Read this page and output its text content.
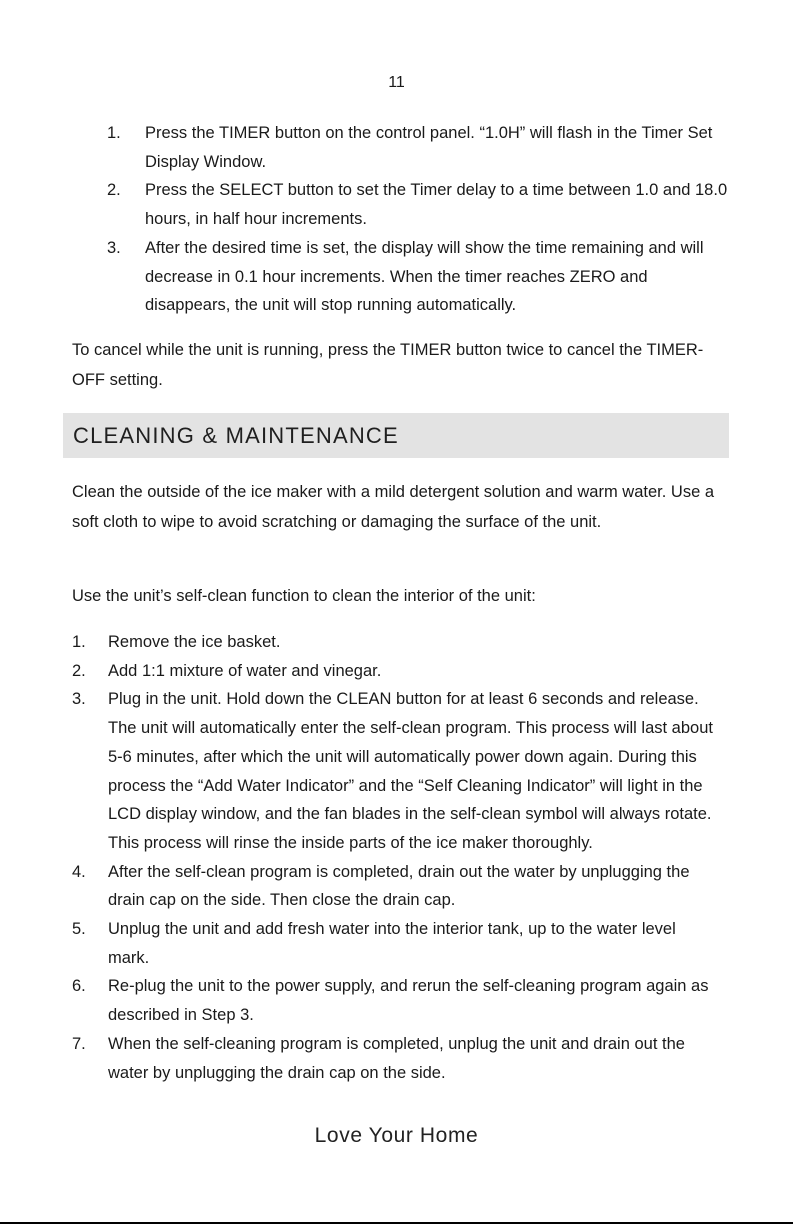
11
1. Press the TIMER button on the control panel. “1.0H” will flash in the Timer Set Display Window.
2. Press the SELECT button to set the Timer delay to a time between 1.0 and 18.0 hours, in half hour increments.
3. After the desired time is set, the display will show the time remaining and will decrease in 0.1 hour increments. When the timer reaches ZERO and disappears, the unit will stop running automatically.

To cancel while the unit is running, press the TIMER button twice to cancel the TIMER-OFF setting.

CLEANING & MAINTENANCE

Clean the outside of the ice maker with a mild detergent solution and warm water. Use a soft cloth to wipe to avoid scratching or damaging the surface of the unit.

Use the unit’s self-clean function to clean the interior of the unit:

1. Remove the ice basket.
2. Add 1:1 mixture of water and vinegar.
3. Plug in the unit. Hold down the CLEAN button for at least 6 seconds and release. The unit will automatically enter the self-clean program. This process will last about 5-6 minutes, after which the unit will automatically power down again. During this process the “Add Water Indicator” and the “Self Cleaning Indicator” will light in the LCD display window, and the fan blades in the self-clean symbol will always rotate. This process will rinse the inside parts of the ice maker thoroughly.
4. After the self-clean program is completed, drain out the water by unplugging the drain cap on the side. Then close the drain cap.
5. Unplug the unit and add fresh water into the interior tank, up to the water level mark.
6. Re-plug the unit to the power supply, and rerun the self-cleaning program again as described in Step 3.
7. When the self-cleaning program is completed, unplug the unit and drain out the water by unplugging the drain cap on the side.
Love Your Home
